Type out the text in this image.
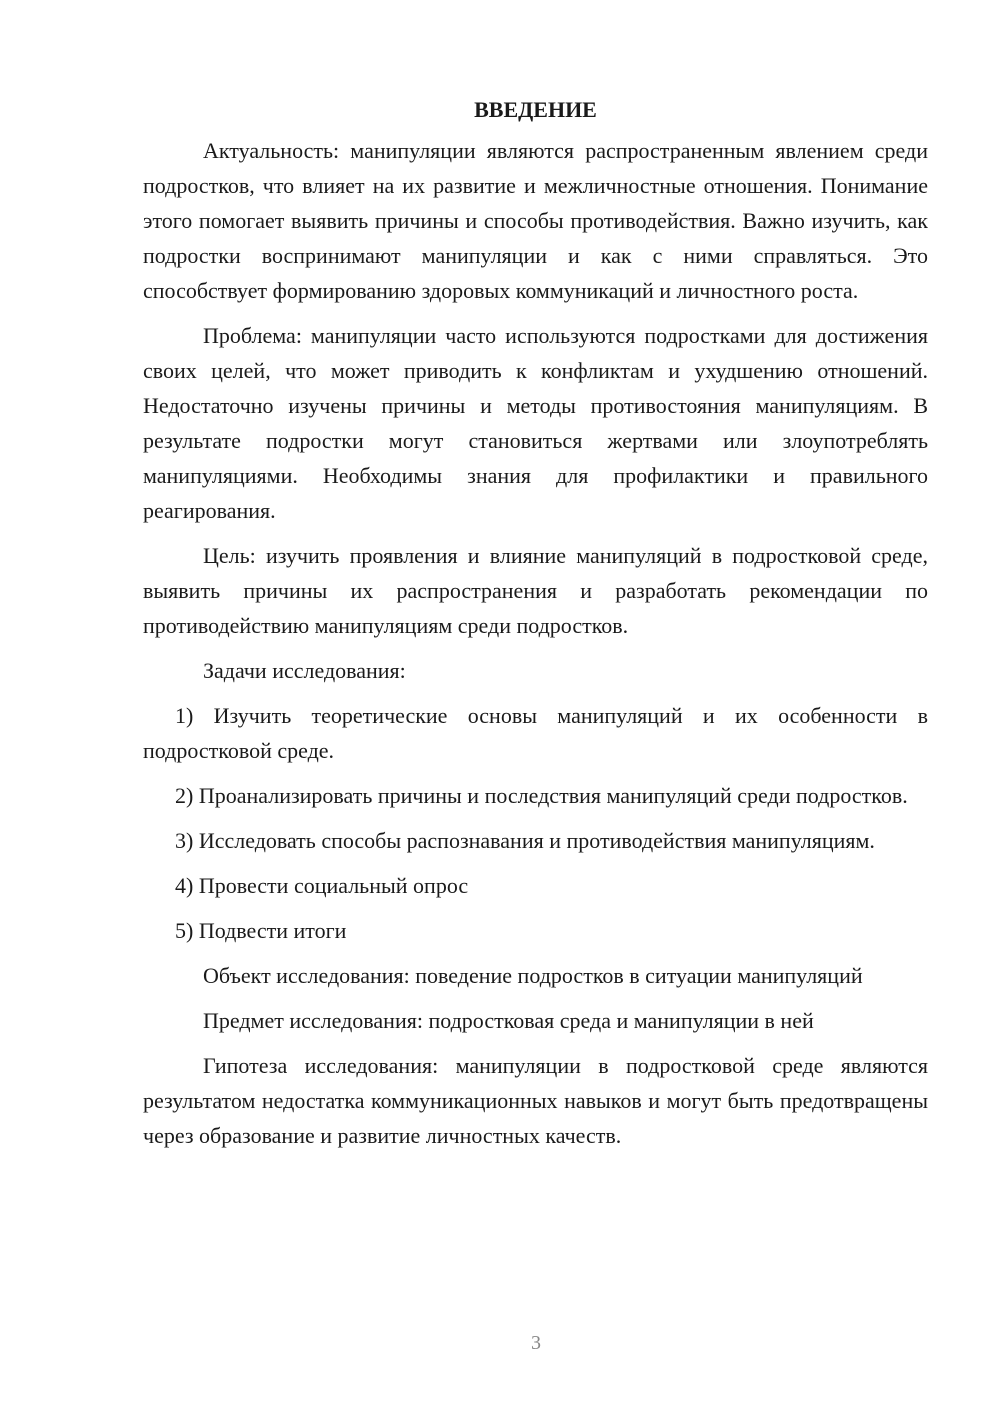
ВВЕДЕНИЕ

Актуальность: манипуляции являются распространенным явлением среди подростков, что влияет на их развитие и межличностные отношения. Понимание этого помогает выявить причины и способы противодействия. Важно изучить, как подростки воспринимают манипуляции и как с ними справляться. Это способствует формированию здоровых коммуникаций и личностного роста.

Проблема: манипуляции часто используются подростками для достижения своих целей, что может приводить к конфликтам и ухудшению отношений. Недостаточно изучены причины и методы противостояния манипуляциям. В результате подростки могут становиться жертвами или злоупотреблять манипуляциями. Необходимы знания для профилактики и правильного реагирования.

Цель: изучить проявления и влияние манипуляций в подростковой среде, выявить причины их распространения и разработать рекомендации по противодействию манипуляциям среди подростков.

Задачи исследования:

1) Изучить теоретические основы манипуляций и их особенности в подростковой среде.

2) Проанализировать причины и последствия манипуляций среди подростков.

3) Исследовать способы распознавания и противодействия манипуляциям.

4) Провести социальный опрос

5) Подвести итоги

Объект исследования: поведение подростков в ситуации манипуляций

Предмет исследования: подростковая среда и манипуляции в ней

Гипотеза исследования: манипуляции в подростковой среде являются результатом недостатка коммуникационных навыков и могут быть предотвращены через образование и развитие личностных качеств.

3
